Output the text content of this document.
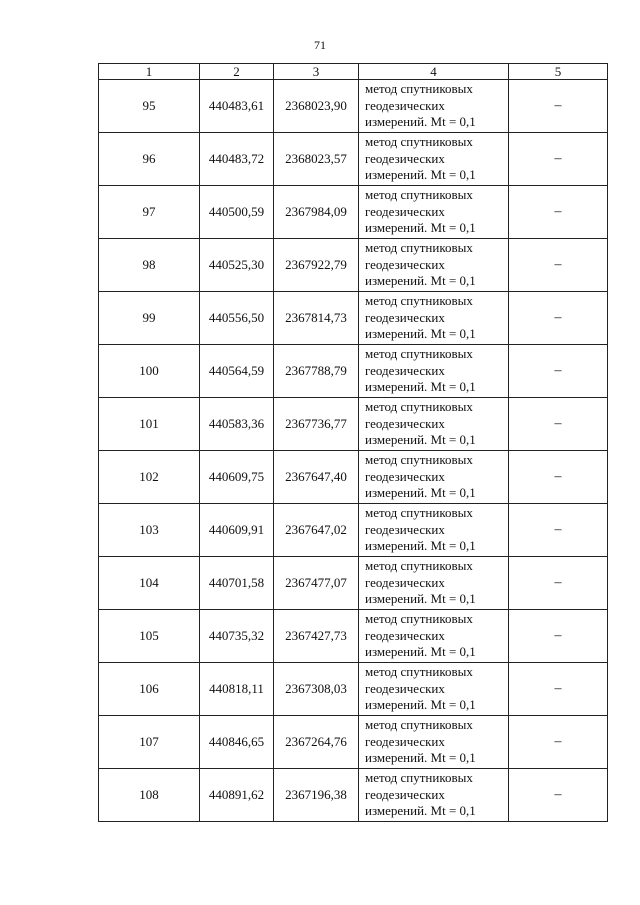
71
1	2	3	4	5
95	440483,61	2368023,90	метод спутниковых
геодезических
измерений. Mt = 0,1	–
96	440483,72	2368023,57	метод спутниковых
геодезических
измерений. Mt = 0,1	–
97	440500,59	2367984,09	метод спутниковых
геодезических
измерений. Mt = 0,1	–
98	440525,30	2367922,79	метод спутниковых
геодезических
измерений. Mt = 0,1	–
99	440556,50	2367814,73	метод спутниковых
геодезических
измерений. Mt = 0,1	–
100	440564,59	2367788,79	метод спутниковых
геодезических
измерений. Mt = 0,1	–
101	440583,36	2367736,77	метод спутниковых
геодезических
измерений. Mt = 0,1	–
102	440609,75	2367647,40	метод спутниковых
геодезических
измерений. Mt = 0,1	–
103	440609,91	2367647,02	метод спутниковых
геодезических
измерений. Mt = 0,1	–
104	440701,58	2367477,07	метод спутниковых
геодезических
измерений. Mt = 0,1	–
105	440735,32	2367427,73	метод спутниковых
геодезических
измерений. Mt = 0,1	–
106	440818,11	2367308,03	метод спутниковых
геодезических
измерений. Mt = 0,1	–
107	440846,65	2367264,76	метод спутниковых
геодезических
измерений. Mt = 0,1	–
108	440891,62	2367196,38	метод спутниковых
геодезических
измерений. Mt = 0,1	–
